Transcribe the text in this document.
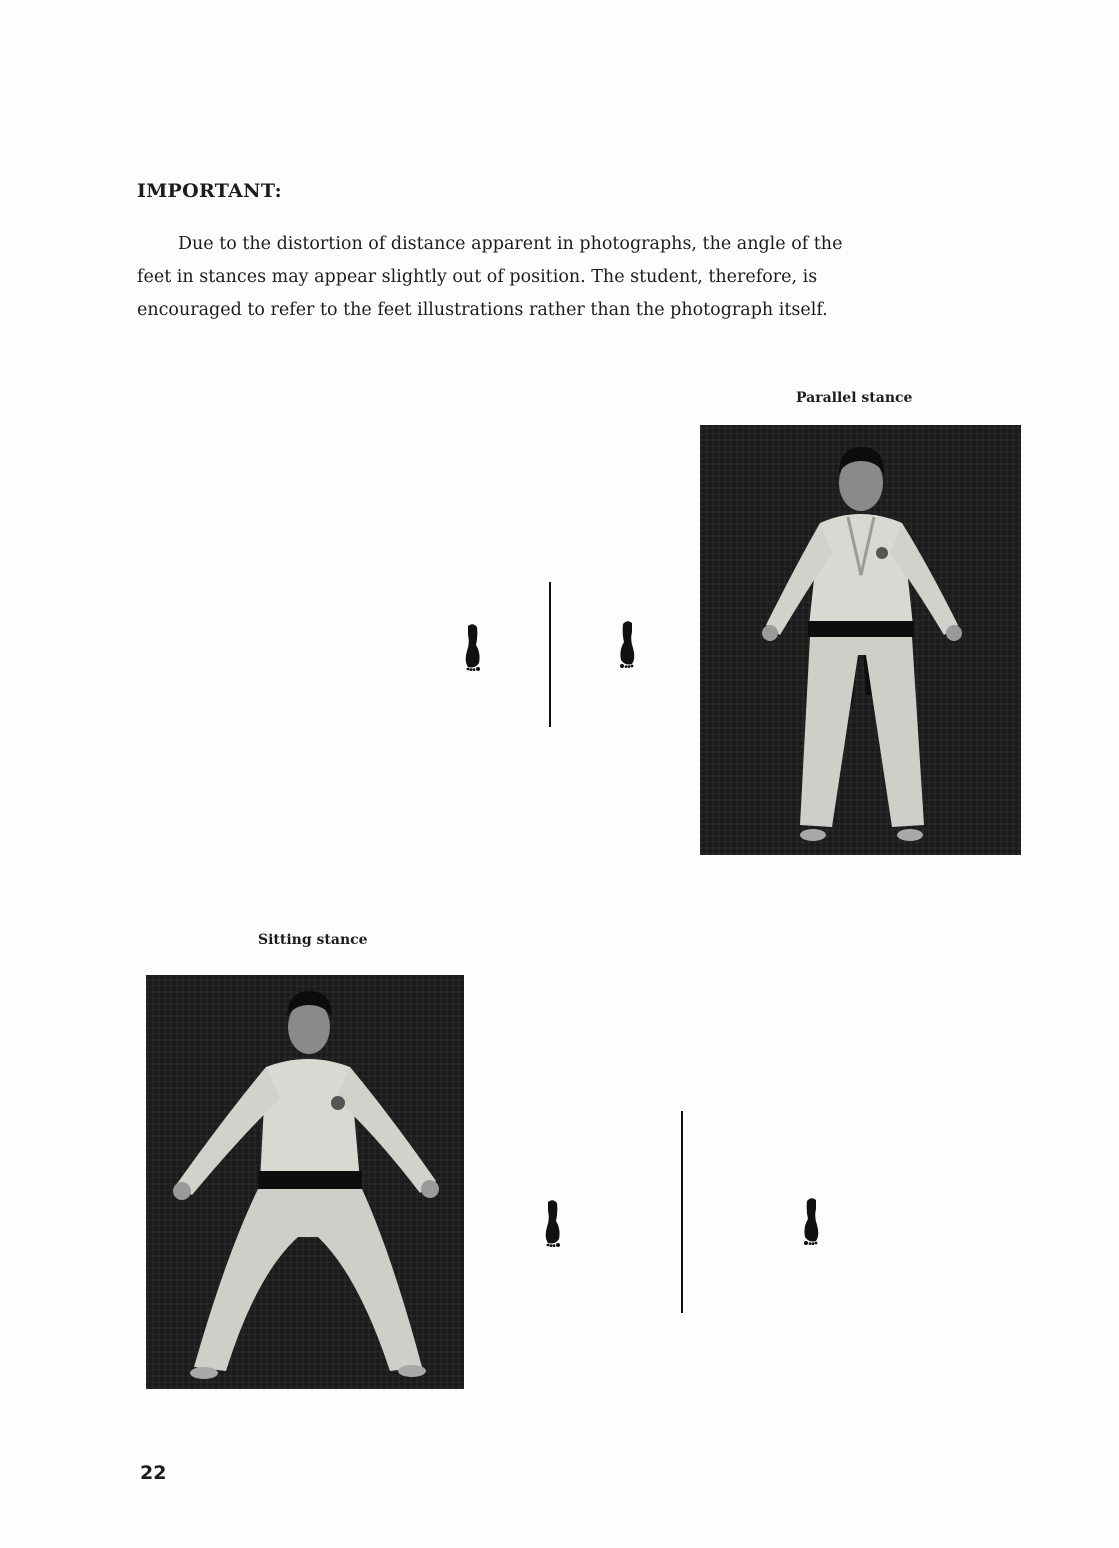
IMPORTANT:
Due to the distortion of distance apparent in photographs, the angle of the
feet in stances may appear slightly out of position. The student, therefore, is
encouraged to refer to the feet illustrations rather than the photograph itself.
Parallel stance
Sitting stance
22
